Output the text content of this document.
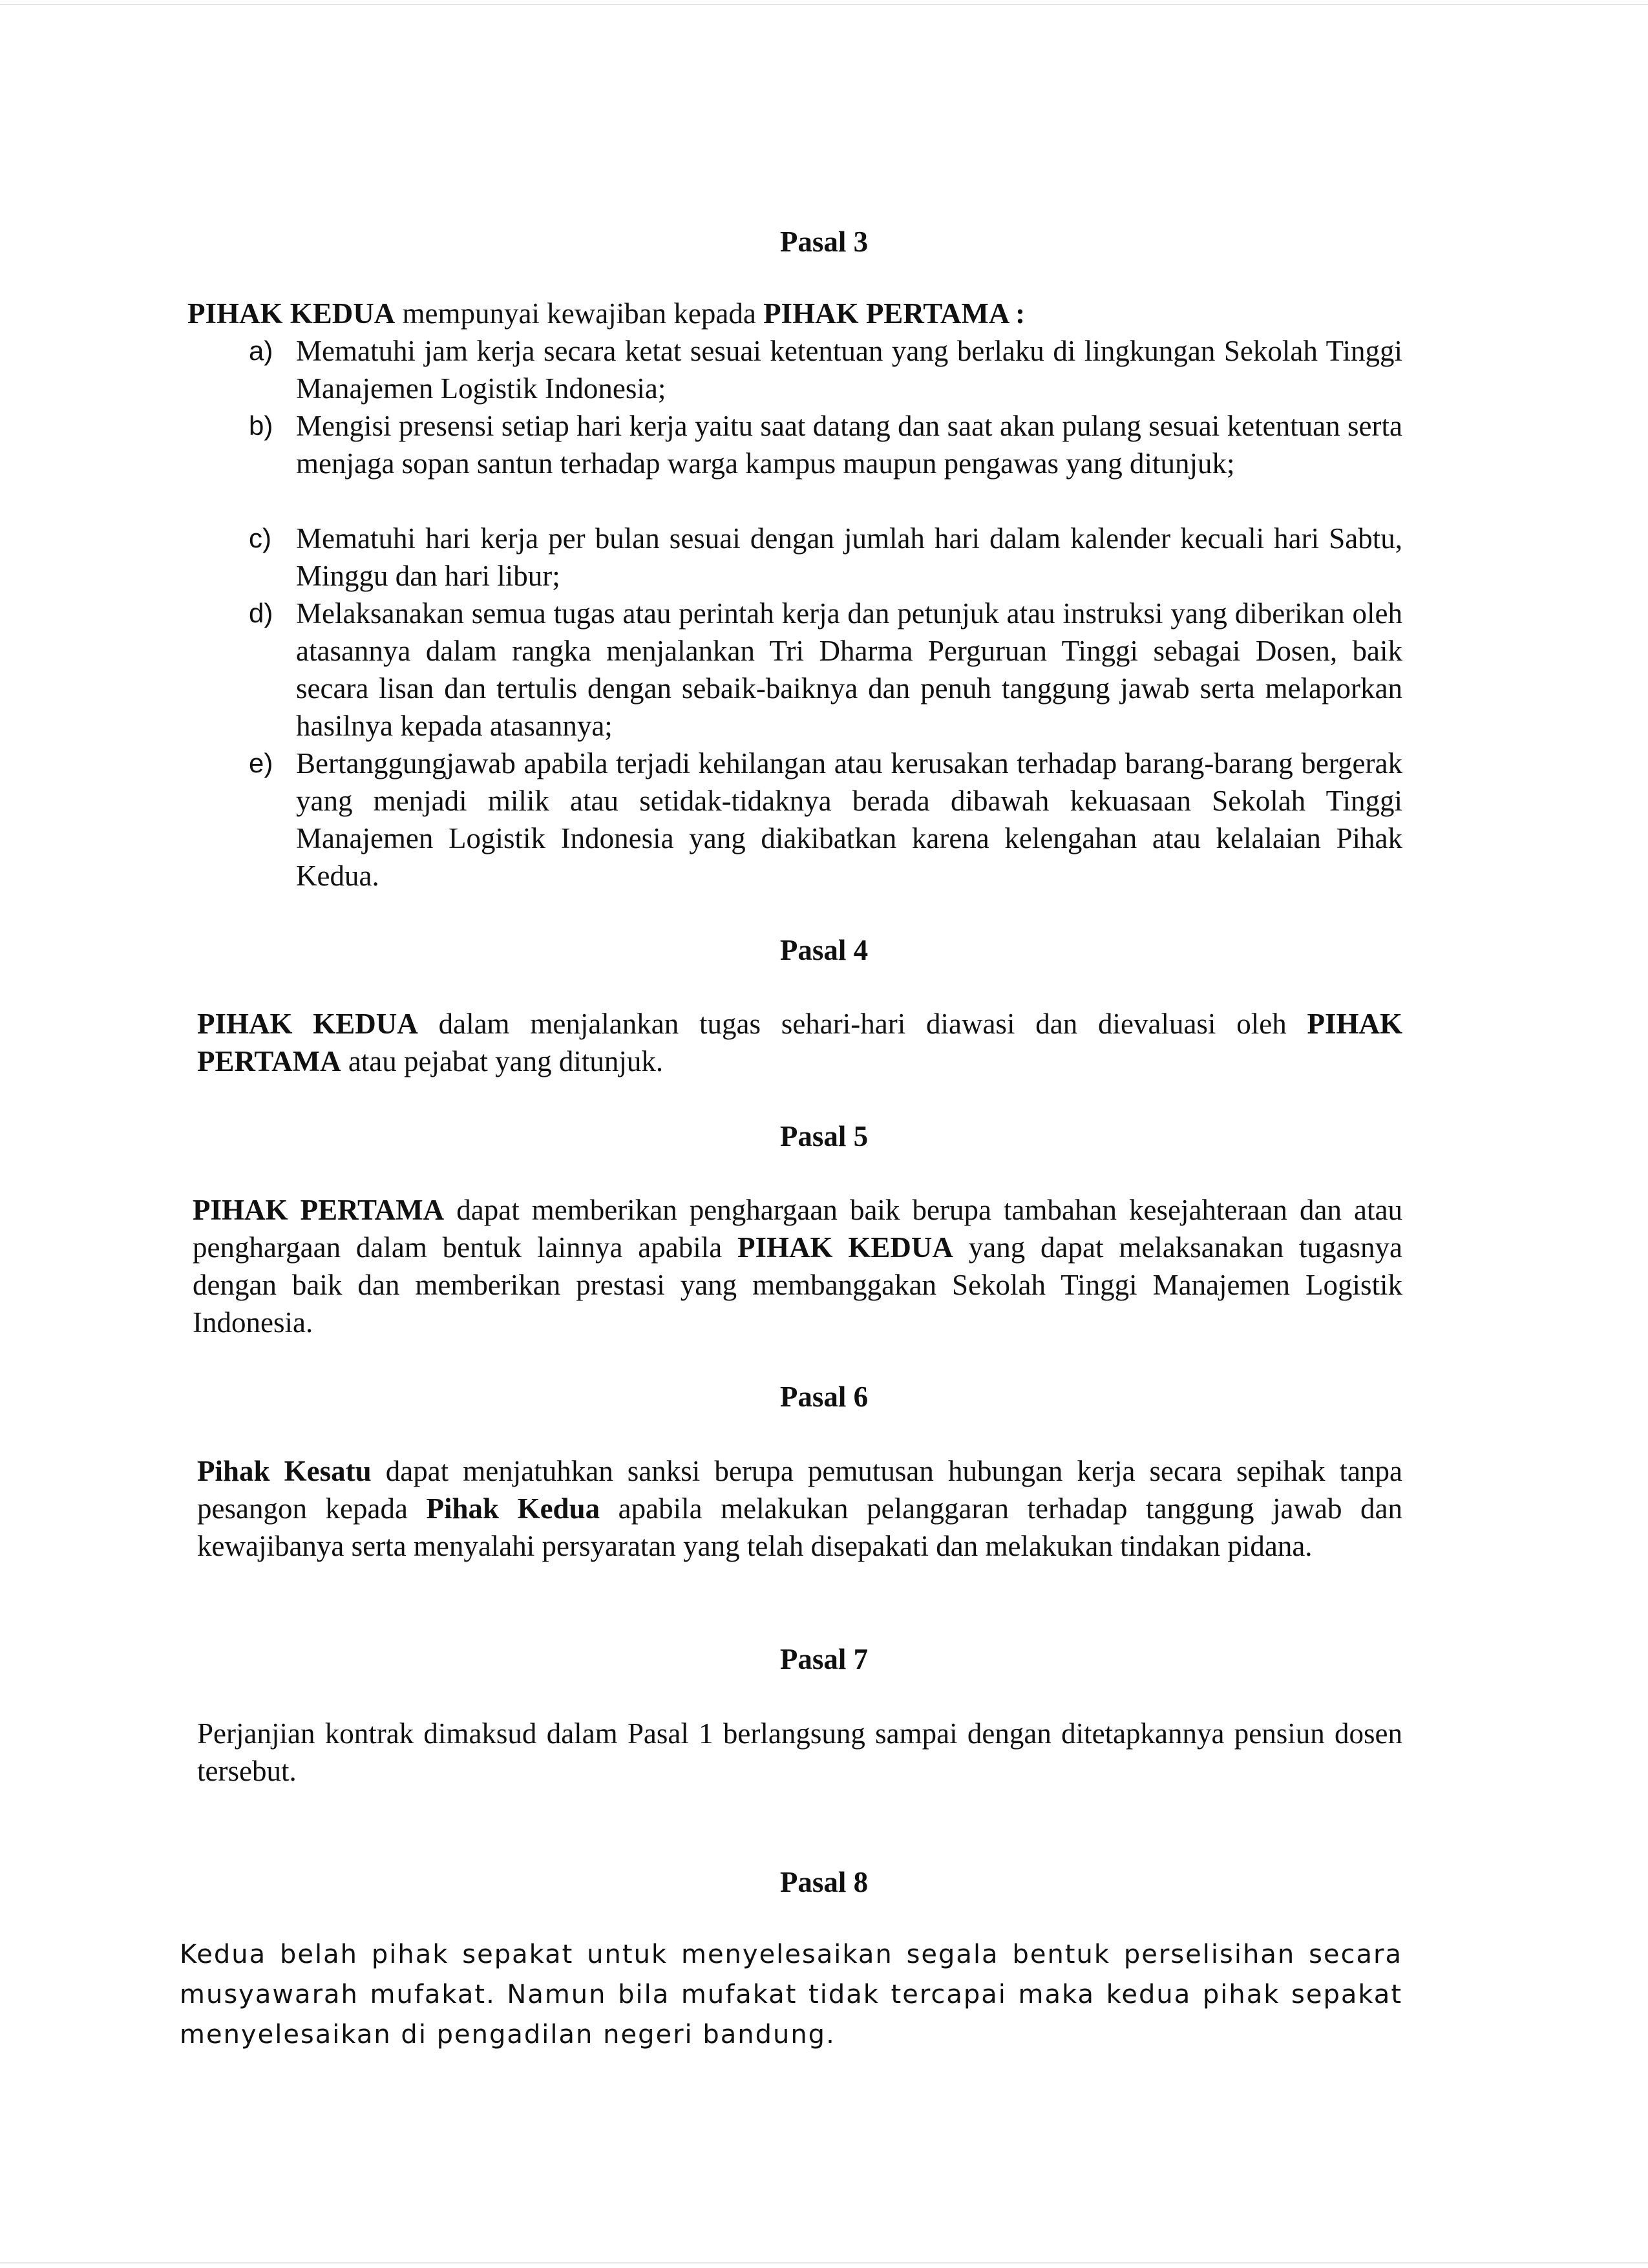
Pasal 3

PIHAK KEDUA mempunyai kewajiban kepada PIHAK PERTAMA :

a) Mematuhi jam kerja secara ketat sesuai ketentuan yang berlaku di lingkungan Sekolah Tinggi Manajemen Logistik Indonesia;
b) Mengisi presensi setiap hari kerja yaitu saat datang dan saat akan pulang sesuai ketentuan serta menjaga sopan santun terhadap warga kampus maupun pengawas yang ditunjuk;
c) Mematuhi hari kerja per bulan sesuai dengan jumlah hari dalam kalender kecuali hari Sabtu, Minggu dan hari libur;
d) Melaksanakan semua tugas atau perintah kerja dan petunjuk atau instruksi yang diberikan oleh atasannya dalam rangka menjalankan Tri Dharma Perguruan Tinggi sebagai Dosen, baik secara lisan dan tertulis dengan sebaik-baiknya dan penuh tanggung jawab serta melaporkan hasilnya kepada atasannya;
e) Bertanggungjawab apabila terjadi kehilangan atau kerusakan terhadap barang-barang bergerak yang menjadi milik atau setidak-tidaknya berada dibawah kekuasaan Sekolah Tinggi Manajemen Logistik Indonesia yang diakibatkan karena kelengahan atau kelalaian Pihak Kedua.
Pasal 4

PIHAK KEDUA dalam menjalankan tugas sehari-hari diawasi dan dievaluasi oleh PIHAK PERTAMA atau pejabat yang ditunjuk.

Pasal 5

PIHAK PERTAMA dapat memberikan penghargaan baik berupa tambahan kesejahteraan dan atau penghargaan dalam bentuk lainnya apabila PIHAK KEDUA yang dapat melaksanakan tugasnya dengan baik dan memberikan prestasi yang membanggakan Sekolah Tinggi Manajemen Logistik Indonesia.

Pasal 6

Pihak Kesatu dapat menjatuhkan sanksi berupa pemutusan hubungan kerja secara sepihak tanpa pesangon kepada Pihak Kedua apabila melakukan pelanggaran terhadap tanggung jawab dan kewajibanya serta menyalahi persyaratan yang telah disepakati dan melakukan tindakan pidana.

Pasal 7

Perjanjian kontrak dimaksud dalam Pasal 1 berlangsung sampai dengan ditetapkannya pensiun dosen tersebut.

Pasal 8

Kedua belah pihak sepakat untuk menyelesaikan segala bentuk perselisihan secara musyawarah mufakat. Namun bila mufakat tidak tercapai maka kedua pihak sepakat menyelesaikan di pengadilan negeri bandung.
